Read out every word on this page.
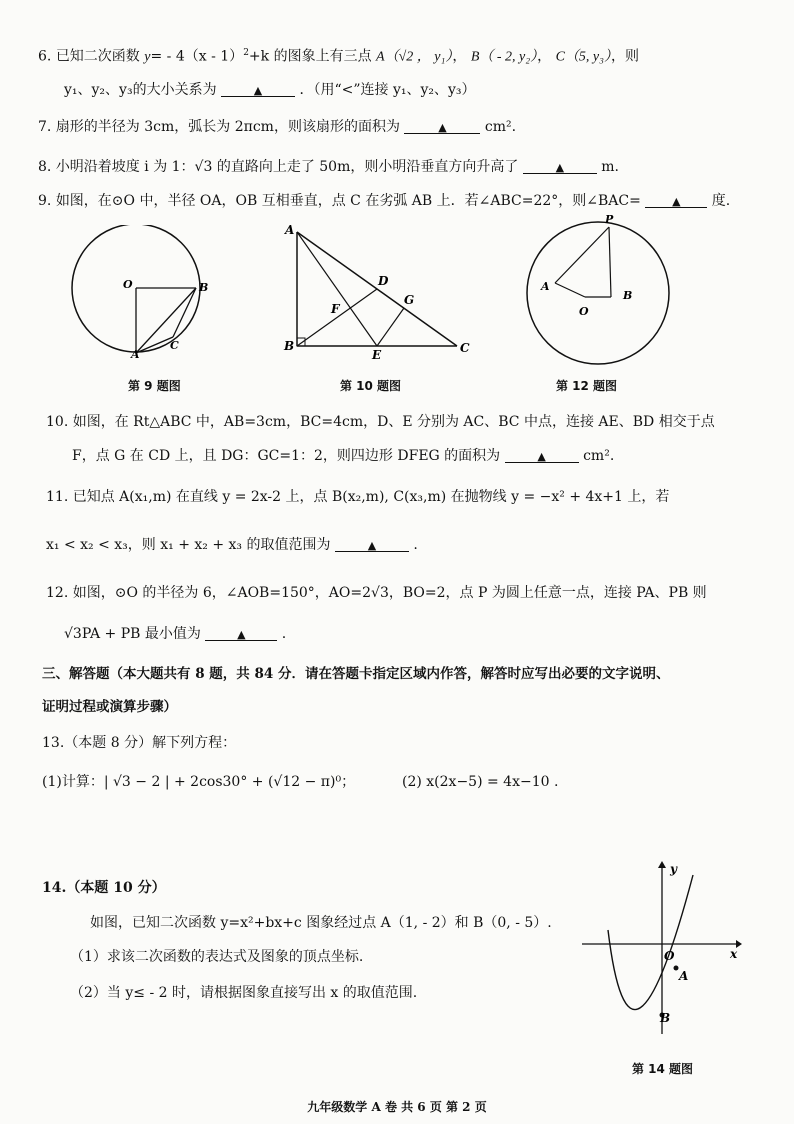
6. 已知二次函数 y= - 4（x - 1）$^2$+k 的图象上有三点 A（√2 ， y₁）， B（ - 2, y₂）， C（5, y₃），则
y₁、y₂、y₃的大小关系为	▲	．（用“<”连接 y₁、y₂、y₃）
7. 扇形的半径为 3cm，弧长为 2πcm，则该扇形的面积为	▲	cm².
8. 小明沿着坡度 i 为 1：√3 的直路向上走了 50m，则小明沿垂直方向升高了	▲	m.
9. 如图，在⊙O 中，半径 OA，OB 互相垂直，点 C 在劣弧 AB 上．若∠ABC=22°，则∠BAC=	▲ 度.
O	B
A
C
第 9 题图
A
D
G
F
B
E	C
第 10 题图
P
A
O
B
第 12 题图
10. 如图，在 Rt△ABC 中，AB=3cm，BC=4cm，D、E 分别为 AC、BC 中点，连接 AE、BD 相交于点
F，点 G 在 CD 上，且 DG：GC=1：2，则四边形 DFEG 的面积为	▲	cm².
11. 已知点 A(x₁,m) 在直线 y = 2x-2 上，点 B(x₂,m), C(x₃,m) 在抛物线 y = −x² + 4x+1 上，若
x₁ < x₂ < x₃，则 x₁ + x₂ + x₃ 的取值范围为	▲	.
12. 如图，⊙O 的半径为 6，∠AOB=150°，AO=2√3，BO=2，点 P 为圆上任意一点，连接 PA、PB 则
√3PA + PB 最小值为	▲	.
三、解答题（本大题共有 8 题，共 84 分．请在答题卡指定区域内作答，解答时应写出必要的文字说明、
证明过程或演算步骤）
13.（本题 8 分）解下列方程：
(1)计算：| √3 − 2 | + 2cos30° + (√12 − π)⁰；	(2) x(2x−5) = 4x−10 .
14.（本题 10 分）
如图，已知二次函数 y=x²+bx+c 图象经过点 A（1, - 2）和 B（0, - 5）.
（1）求该二次函数的表达式及图象的顶点坐标.
（2）当 y≤ - 2 时，请根据图象直接写出 x 的取值范围.
y
x
O
A
B
第 14 题图
九年级数学 A 卷 共 6 页 第 2 页
